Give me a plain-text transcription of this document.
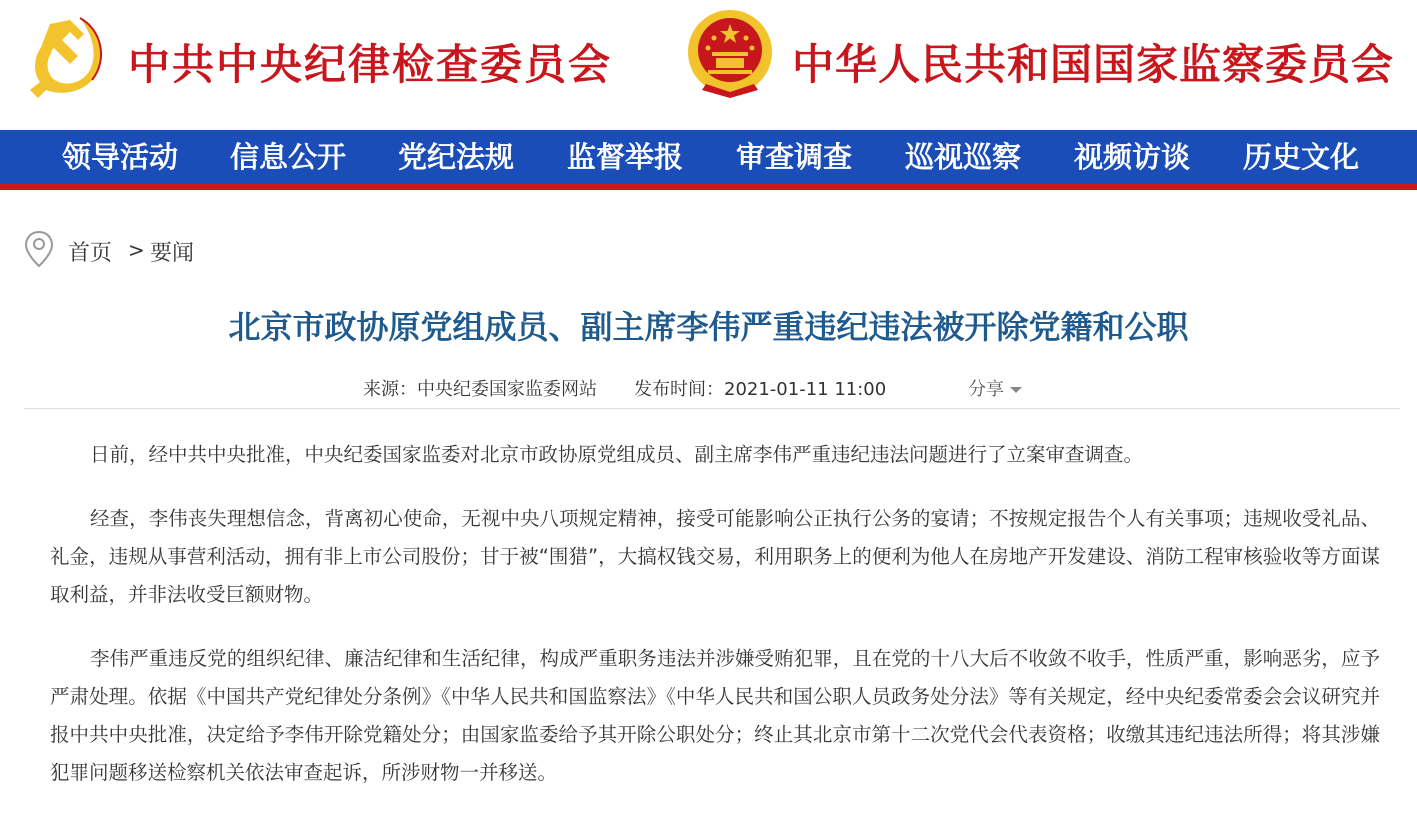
中共中央纪律检查委员会	中华人民共和国国家监察委员会
领导活动 信息公开 党纪法规 监督举报 审查调查 巡视巡察 视频访谈 历史文化
首页 > 要闻
北京市政协原党组成员、副主席李伟严重违纪违法被开除党籍和公职
来源：中央纪委国家监委网站 发布时间：2021-01-11 11:00	分享

日前，经中共中央批准，中央纪委国家监委对北京市政协原党组成员、副主席李伟严重违纪违法问题进行了立案审查调查。

经查，李伟丧失理想信念，背离初心使命，无视中央八项规定精神，接受可能影响公正执行公务的宴请；不按规定报告个人有关事项；违规收受礼品、礼金，违规从事营利活动，拥有非上市公司股份；甘于被“围猎”，大搞权钱交易，利用职务上的便利为他人在房地产开发建设、消防工程审核验收等方面谋取利益，并非法收受巨额财物。

李伟严重违反党的组织纪律、廉洁纪律和生活纪律，构成严重职务违法并涉嫌受贿犯罪，且在党的十八大后不收敛不收手，性质严重，影响恶劣，应予严肃处理。依据《中国共产党纪律处分条例》《中华人民共和国监察法》《中华人民共和国公职人员政务处分法》等有关规定，经中央纪委常委会会议研究并报中共中央批准，决定给予李伟开除党籍处分；由国家监委给予其开除公职处分；终止其北京市第十二次党代会代表资格；收缴其违纪违法所得；将其涉嫌犯罪问题移送检察机关依法审查起诉，所涉财物一并移送。
